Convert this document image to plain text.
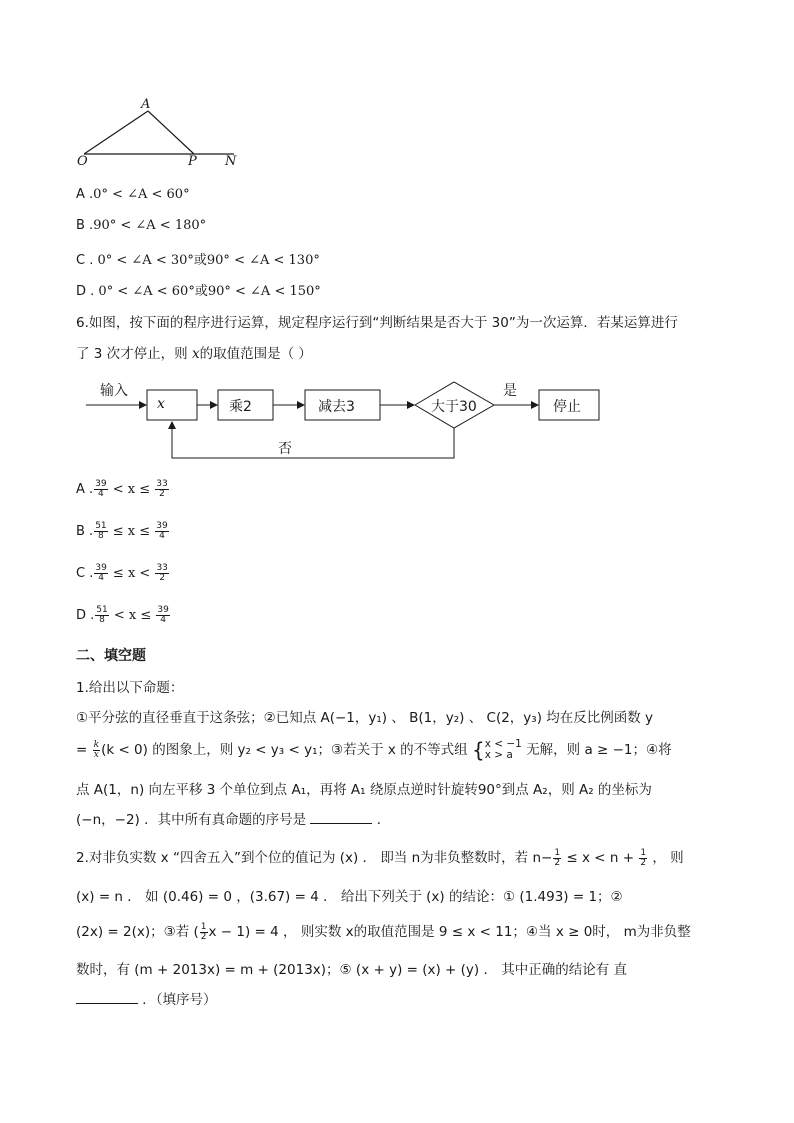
A
O	P N
A .0° < ∠A < 60°
B .90° < ∠A < 180°
C . 0° < ∠A < 30°或90° < ∠A < 130°
D . 0° < ∠A < 60°或90° < ∠A < 150°
6.如图，按下面的程序进行运算，规定程序运行到“判断结果是否大于 30”为一次运算．若某运算进行
了 3 次才停止，则 x的取值范围是（ ）
输入
x	乘2	减去3	大于30
是
停止
否
A . $\frac{39}{4} < x \le \frac{33}{2}$
B . $\frac{51}{8} \le x \le \frac{39}{4}$
C . $\frac{39}{4} \le x < \frac{33}{2}$
D . $\frac{51}{8} < x \le \frac{39}{4}$
二、填空题
1.给出以下命题：
①平分弦的直径垂直于这条弦；②已知点 A(−1，y₁) 、 B(1，y₂) 、 C(2，y₃) 均在反比例函数 y
= $\frac{k}{x} (k < 0)$ 的图象上，则 y₂ < y₃ < y₁；③若关于 x 的不等式组 { x < −1
x > a 无解，则 a ≥ −1；④将
点 A(1，n) 向左平移 3 个单位到点 A₁，再将 A₁ 绕原点逆时针旋转90°到点 A₂，则 A₂ 的坐标为
(−n，−2) ．其中所有真命题的序号是	．
2.对非负实数 x “四舍五入”到个位的值记为 (x) ． 即当 n为非负整数时，若 $n- \frac{1}{2} \le x < n + \frac{1}{2}$ ， 则
(x) = n ． 如 (0.46) = 0 ，(3.67) = 4 ． 给出下列关于 (x) 的结论：① (1.493) = 1；②
(2x) = 2(x)；③若 ( $\frac{1}{2}$ x − 1) = 4 ， 则实数 x的取值范围是 9 ≤ x < 11；④当 x ≥ 0时， m为非负整
数时，有 (m + 2013x) = m + (2013x)；⑤ (x + y) = (x) + (y) ． 其中正确的结论有 直
．（填序号）
